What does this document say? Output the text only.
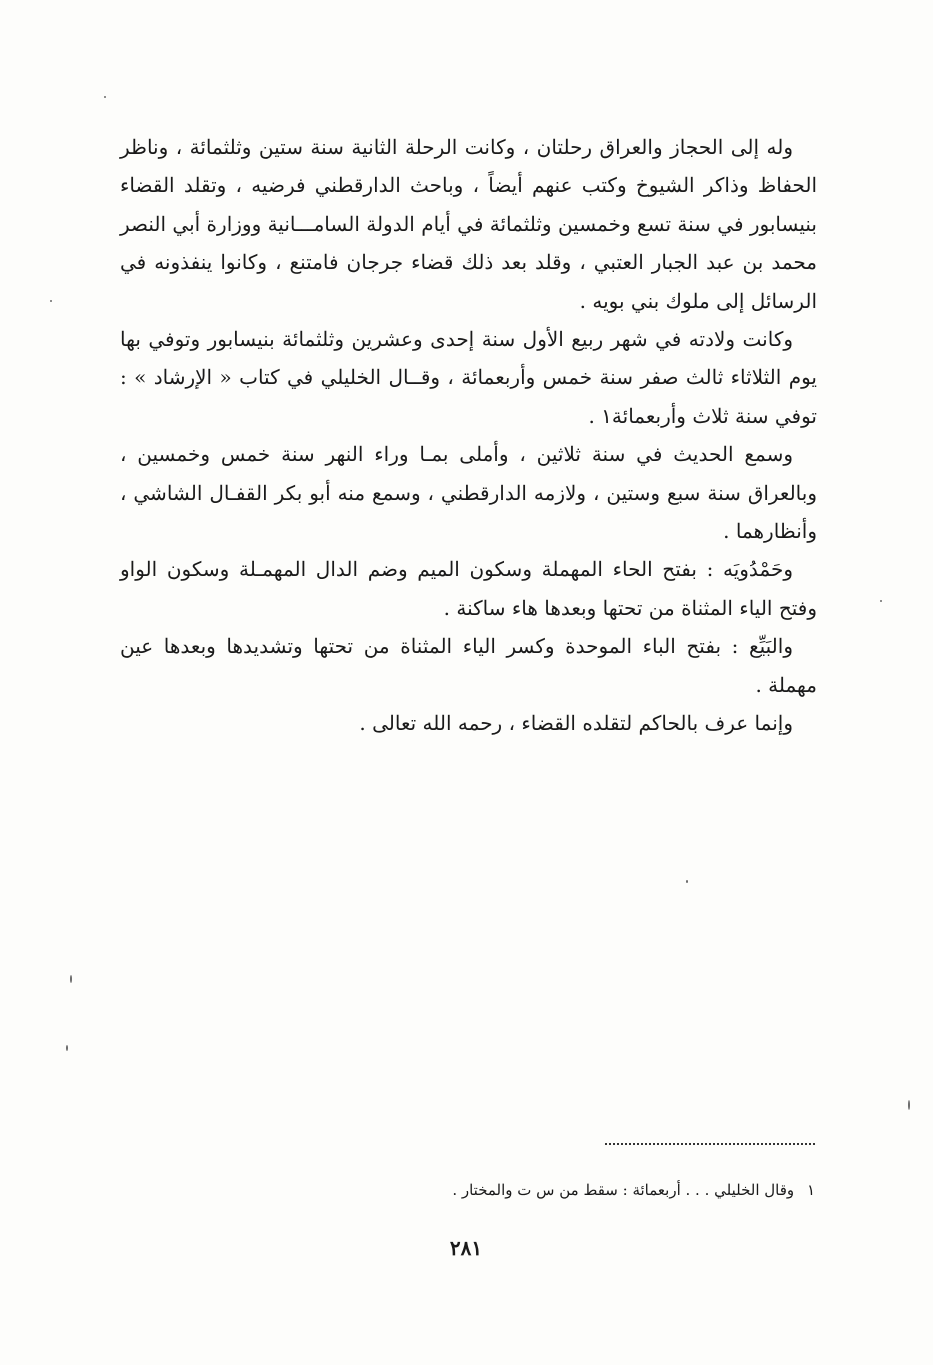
وله إلى الحجاز والعراق رحلتان ، وكانت الرحلة الثانية سنة ستين وثلثمائة ، وناظر الحفاظ وذاكر الشيوخ وكتب عنهم أيضاً ، وباحث الدارقطني فرضيه ، وتقلد القضاء بنيسابور في سنة تسع وخمسين وثلثمائة في أيام الدولة السامـــانية ووزارة أبي النصر محمد بن عبد الجبار العتبي ، وقلد بعد ذلك قضاء جرجان فامتنع ، وكانوا ينفذونه في الرسائل إلى ملوك بني بويه .

وكانت ولادته في شهر ربيع الأول سنة إحدى وعشرين وثلثمائة بنيسابور وتوفي بها يوم الثلاثاء ثالث صفر سنة خمس وأربعمائة ، وقــال الخليلي في كتاب « الإرشاد » : توفي سنة ثلاث وأربعمائة١ .

وسمع الحديث في سنة ثلاثين ، وأملى بمـا وراء النهر سنة خمس وخمسين ، وبالعراق سنة سبع وستين ، ولازمه الدارقطني ، وسمع منه أبو بكر القفـال الشاشي ، وأنظارهما .

وحَمْدُويَه : بفتح الحاء المهملة وسكون الميم وضم الدال المهمـلة وسكون الواو وفتح الياء المثناة من تحتها وبعدها هاء ساكنة .

والبَيِّع : بفتح الباء الموحدة وكسر الياء المثناة من تحتها وتشديدها وبعدها عين مهملة .

وإنما عرف بالحاكم لتقلده القضاء ، رحمه الله تعالى .

١ وقال الخليلي . . . أربعمائة : سقط من س ت والمختار .
٢٨١
